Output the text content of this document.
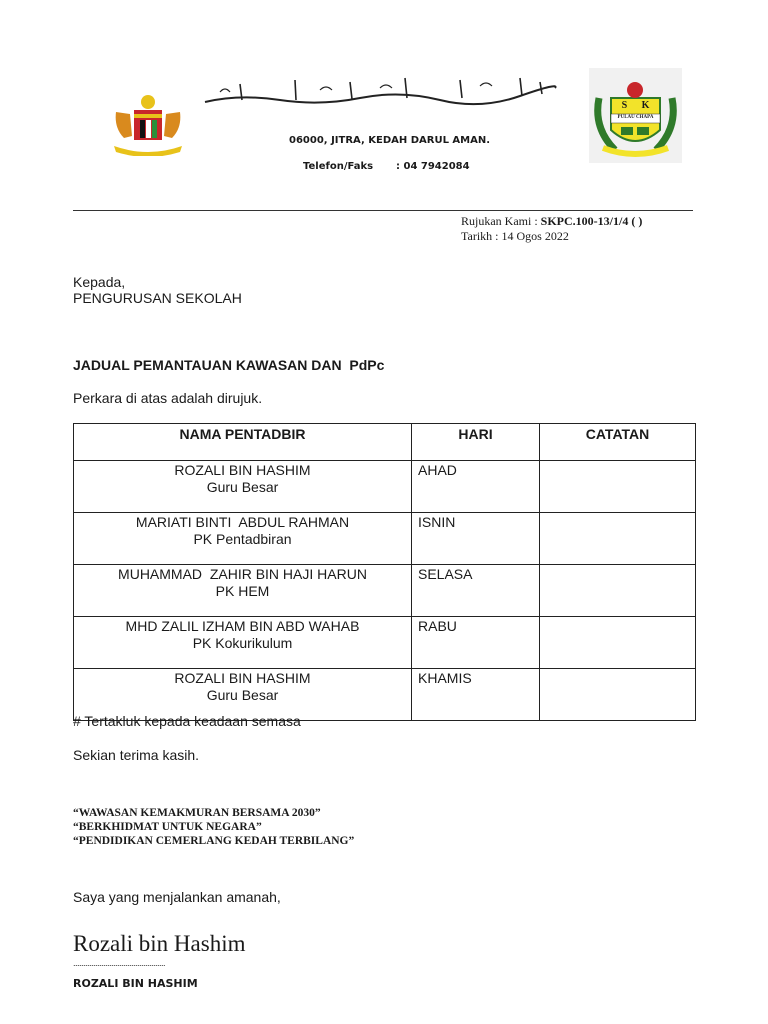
06000, JITRA, KEDAH DARUL AMAN.
Telefon/Faks : 04 7942084
S K
PULAU CHAPA
Rujukan Kami : SKPC.100-13/1/4 ( )
Tarikh : 14 Ogos 2022
Kepada,
PENGURUSAN SEKOLAH
JADUAL PEMANTAUAN KAWASAN DAN  PdPc
Perkara di atas adalah dirujuk.
NAMA PENTADBIR	HARI	CATATAN

ROZALI BIN HASHIM
Guru Besar	AHAD	

MARIATI BINTI  ABDUL RAHMAN
PK Pentadbiran	ISNIN	

MUHAMMAD  ZAHIR BIN HAJI HARUN
PK HEM	SELASA	

MHD ZALIL IZHAM BIN ABD WAHAB
PK Kokurikulum	RABU	

ROZALI BIN HASHIM
Guru Besar	KHAMIS	
# Tertakluk kepada keadaan semasa
Sekian terima kasih.
“WAWASAN KEMAKMURAN BERSAMA 2030”
“BERKHIDMAT UNTUK NEGARA”
“PENDIDIKAN CEMERLANG KEDAH TERBILANG”
Saya yang menjalankan amanah,
Rozali bin Hashim
..............................................
ROZALI BIN HASHIM
